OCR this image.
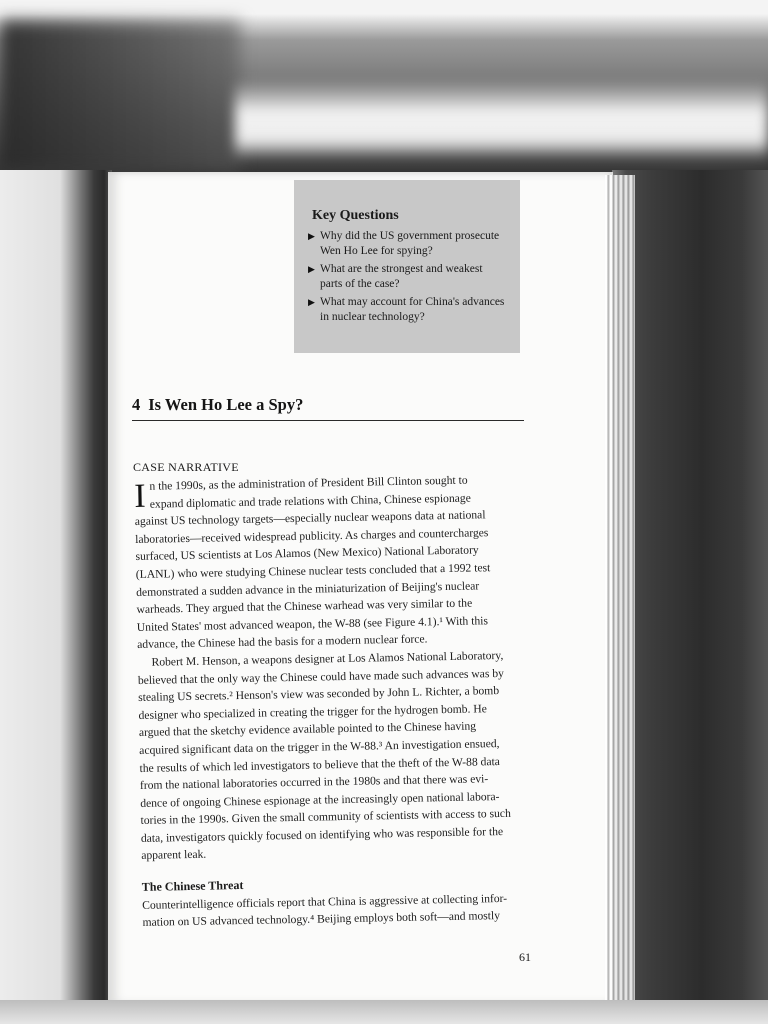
Key Questions
▶ Why did the US government prosecute Wen Ho Lee for spying?
▶ What are the strongest and weakest parts of the case?
▶ What may account for China's advances in nuclear technology?
4 Is Wen Ho Lee a Spy?
CASE NARRATIVE
I n the 1990s, as the administration of President Bill Clinton sought to
expand diplomatic and trade relations with China, Chinese espionage
against US technology targets—especially nuclear weapons data at national
laboratories—received widespread publicity. As charges and countercharges
surfaced, US scientists at Los Alamos (New Mexico) National Laboratory
(LANL) who were studying Chinese nuclear tests concluded that a 1992 test
demonstrated a sudden advance in the miniaturization of Beijing's nuclear
warheads. They argued that the Chinese warhead was very similar to the
United States' most advanced weapon, the W-88 (see Figure 4.1).¹ With this
advance, the Chinese had the basis for a modern nuclear force.
Robert M. Henson, a weapons designer at Los Alamos National Laboratory,
believed that the only way the Chinese could have made such advances was by
stealing US secrets.² Henson's view was seconded by John L. Richter, a bomb
designer who specialized in creating the trigger for the hydrogen bomb. He
argued that the sketchy evidence available pointed to the Chinese having
acquired significant data on the trigger in the W-88.³ An investigation ensued,
the results of which led investigators to believe that the theft of the W-88 data
from the national laboratories occurred in the 1980s and that there was evi-
dence of ongoing Chinese espionage at the increasingly open national labora-
tories in the 1990s. Given the small community of scientists with access to such
data, investigators quickly focused on identifying who was responsible for the
apparent leak.
The Chinese Threat
Counterintelligence officials report that China is aggressive at collecting infor-
mation on US advanced technology.⁴ Beijing employs both soft—and mostly
61
